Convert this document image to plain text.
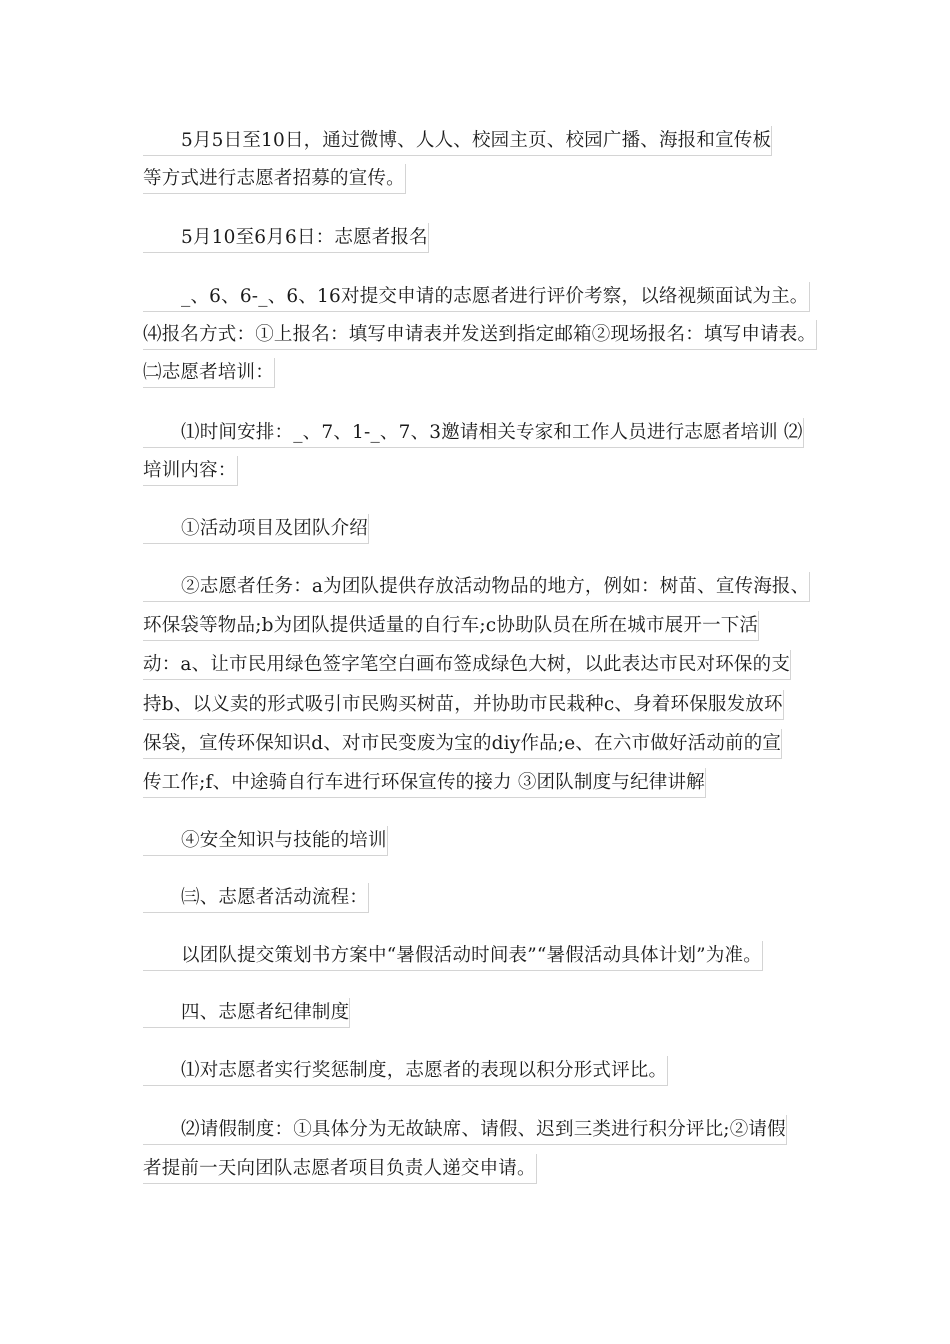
5月5日至10日，通过微博、人人、校园主页、校园广播、海报和宣传板
等方式进行志愿者招募的宣传。
5月10至6月6日：志愿者报名
_、6、6-_、6、16对提交申请的志愿者进行评价考察，以络视频面试为主。
⑷报名方式：①上报名：填写申请表并发送到指定邮箱②现场报名：填写申请表。
㈡志愿者培训：
⑴时间安排：_、7、1-_、7、3邀请相关专家和工作人员进行志愿者培训 ⑵
培训内容：
①活动项目及团队介绍
②志愿者任务：a为团队提供存放活动物品的地方，例如：树苗、宣传海报、
环保袋等物品;b为团队提供适量的自行车;c协助队员在所在城市展开一下活
动：a、让市民用绿色签字笔空白画布签成绿色大树，以此表达市民对环保的支
持b、以义卖的形式吸引市民购买树苗，并协助市民栽种c、身着环保服发放环
保袋，宣传环保知识d、对市民变废为宝的diy作品;e、在六市做好活动前的宣
传工作;f、中途骑自行车进行环保宣传的接力 ③团队制度与纪律讲解
④安全知识与技能的培训
㈢、志愿者活动流程：
以团队提交策划书方案中“暑假活动时间表”“暑假活动具体计划”为准。
四、志愿者纪律制度
⑴对志愿者实行奖惩制度，志愿者的表现以积分形式评比。
⑵请假制度：①具体分为无故缺席、请假、迟到三类进行积分评比;②请假
者提前一天向团队志愿者项目负责人递交申请。
